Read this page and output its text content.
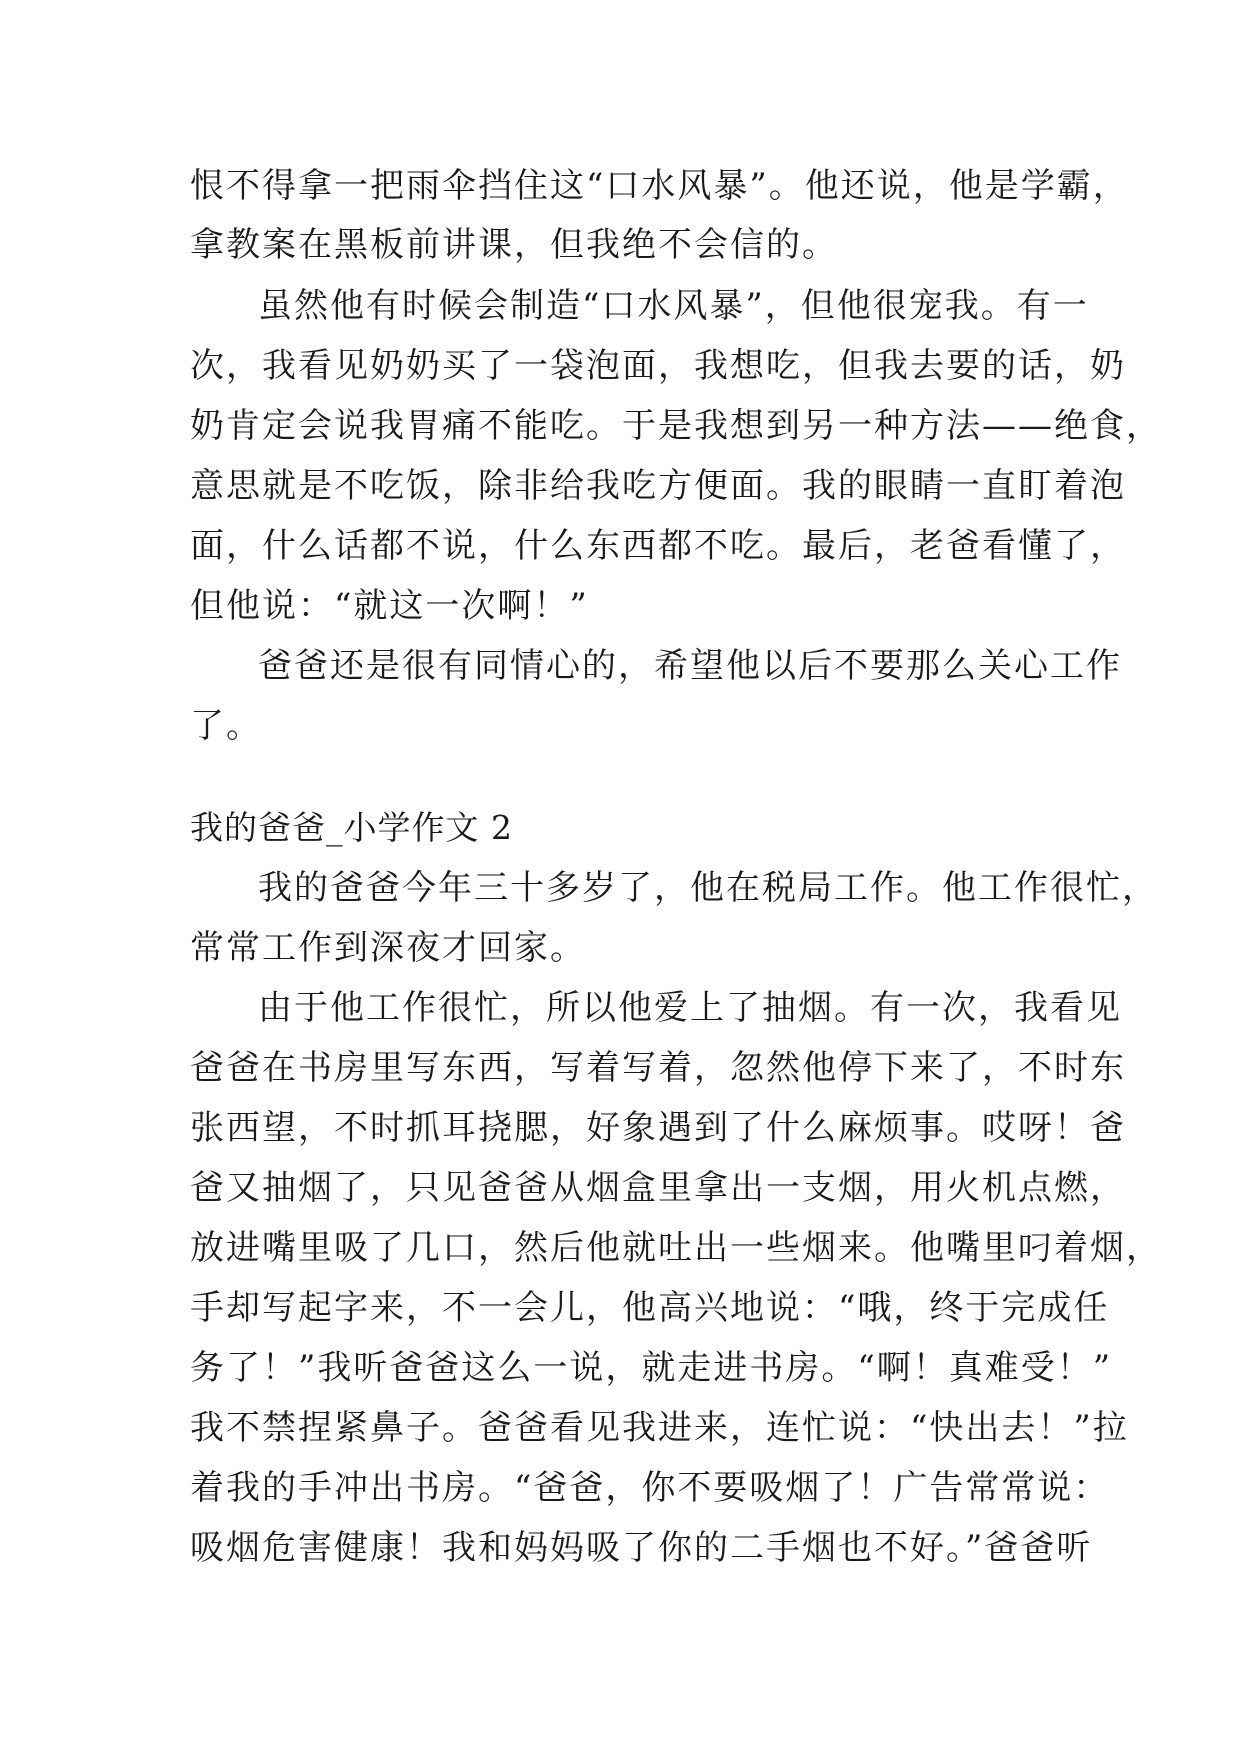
恨不得拿一把雨伞挡住这“口水风暴”。他还说，他是学霸，
拿教案在黑板前讲课，但我绝不会信的。
虽然他有时候会制造“口水风暴”，但他很宠我。有一
次，我看见奶奶买了一袋泡面，我想吃，但我去要的话，奶
奶肯定会说我胃痛不能吃。于是我想到另一种方法——绝食，
意思就是不吃饭，除非给我吃方便面。我的眼睛一直盯着泡
面，什么话都不说，什么东西都不吃。最后，老爸看懂了，
但他说：“就这一次啊！”
爸爸还是很有同情心的，希望他以后不要那么关心工作
了。
我的爸爸_小学作文 2
我的爸爸今年三十多岁了，他在税局工作。他工作很忙，
常常工作到深夜才回家。
由于他工作很忙，所以他爱上了抽烟。有一次，我看见
爸爸在书房里写东西，写着写着，忽然他停下来了，不时东
张西望，不时抓耳挠腮，好象遇到了什么麻烦事。哎呀！爸
爸又抽烟了，只见爸爸从烟盒里拿出一支烟，用火机点燃，
放进嘴里吸了几口，然后他就吐出一些烟来。他嘴里叼着烟，
手却写起字来，不一会儿，他高兴地说：“哦，终于完成任
务了！”我听爸爸这么一说，就走进书房。“啊！真难受！”
我不禁捏紧鼻子。爸爸看见我进来，连忙说：“快出去！”拉
着我的手冲出书房。“爸爸，你不要吸烟了！广告常常说：
吸烟危害健康！我和妈妈吸了你的二手烟也不好。”爸爸听
